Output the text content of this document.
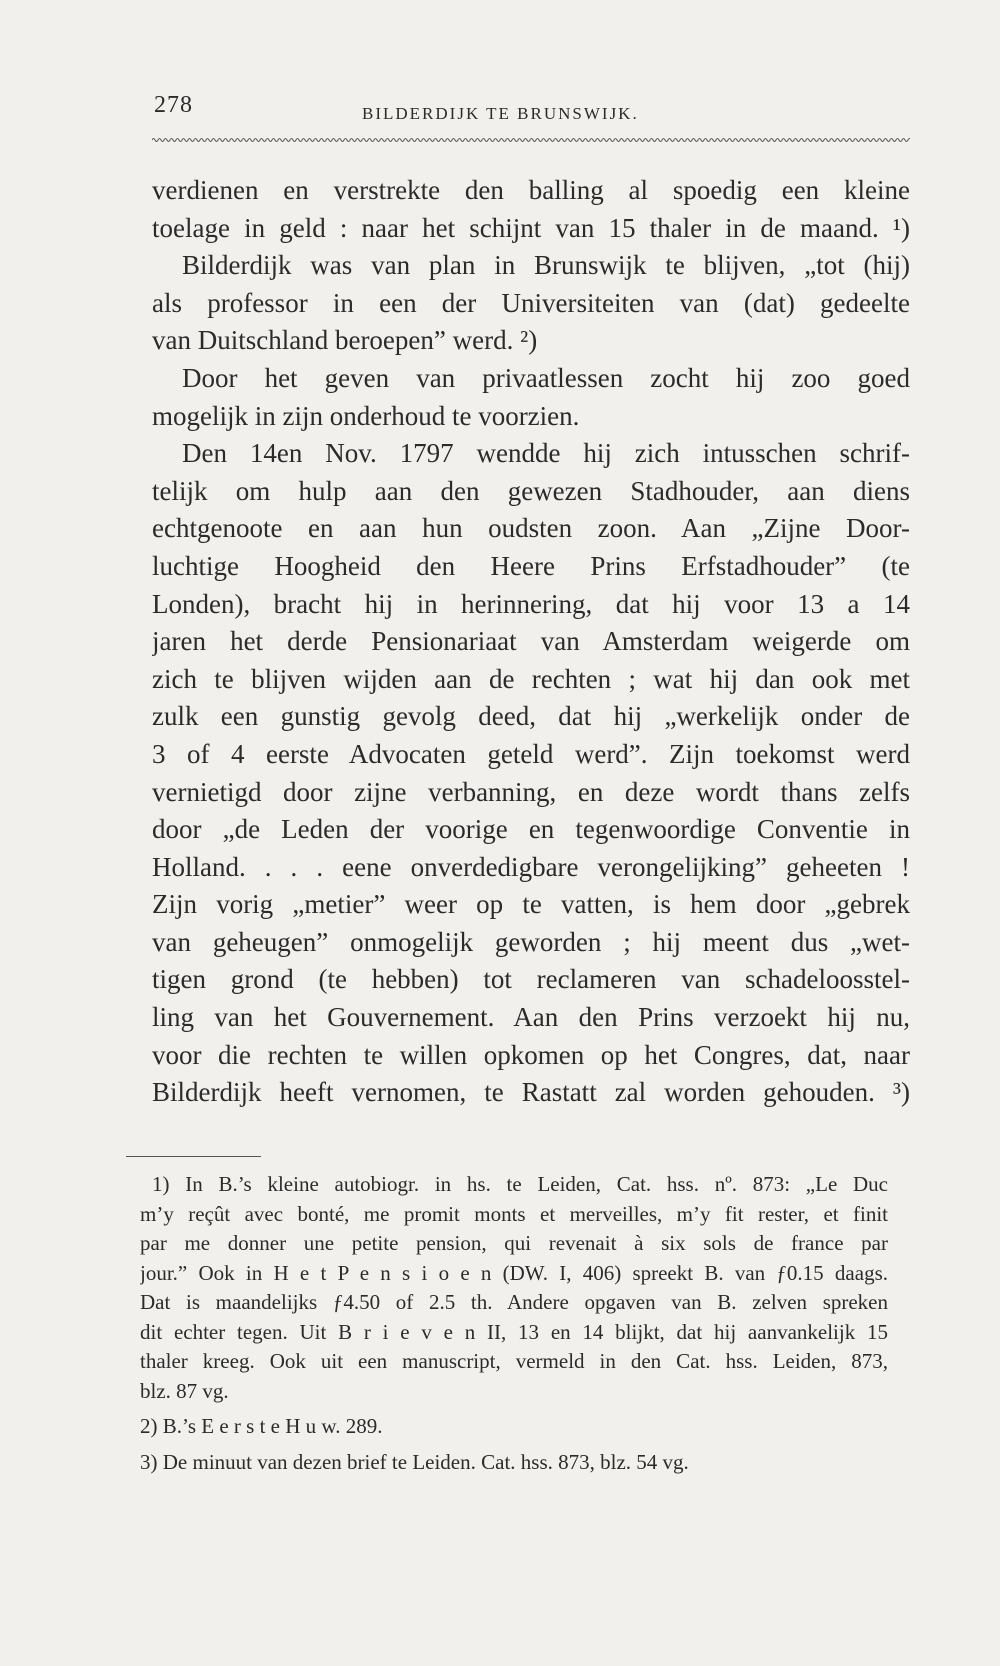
278	BILDERDIJK TE BRUNSWIJK.
verdienen en verstrekte den balling al spoedig een kleine
toelage in geld : naar het schijnt van 15 thaler in de maand. ¹)
Bilderdijk was van plan in Brunswijk te blijven, „tot (hij)
als professor in een der Universiteiten van (dat) gedeelte
van Duitschland beroepen” werd. ²)
Door het geven van privaatlessen zocht hij zoo goed
mogelijk in zijn onderhoud te voorzien.
Den 14en Nov. 1797 wendde hij zich intusschen schrif-
telijk om hulp aan den gewezen Stadhouder, aan diens
echtgenoote en aan hun oudsten zoon. Aan „Zijne Door-
luchtige Hoogheid den Heere Prins Erfstadhouder” (te
Londen), bracht hij in herinnering, dat hij voor 13 a 14
jaren het derde Pensionariaat van Amsterdam weigerde om
zich te blijven wijden aan de rechten ; wat hij dan ook met
zulk een gunstig gevolg deed, dat hij „werkelijk onder de
3 of 4 eerste Advocaten geteld werd”. Zijn toekomst werd
vernietigd door zijne verbanning, en deze wordt thans zelfs
door „de Leden der voorige en tegenwoordige Conventie in
Holland. . . . eene onverdedigbare verongelijking” geheeten !
Zijn vorig „metier” weer op te vatten, is hem door „gebrek
van geheugen” onmogelijk geworden ; hij meent dus „wet-
tigen grond (te hebben) tot reclameren van schadeloosstel-
ling van het Gouvernement. Aan den Prins verzoekt hij nu,
voor die rechten te willen opkomen op het Congres, dat, naar
Bilderdijk heeft vernomen, te Rastatt zal worden gehouden. ³)
1) In B.’s kleine autobiogr. in hs. te Leiden, Cat. hss. nº. 873: „Le Duc
m’y reçût avec bonté, me promit monts et merveilles, m’y fit rester, et finit
par me donner une petite pension, qui revenait à six sols de france par
jour.” Ook in H e t P e n s i o e n (DW. I, 406) spreekt B. van ƒ0.15 daags.
Dat is maandelijks ƒ4.50 of 2.5 th. Andere opgaven van B. zelven spreken
dit echter tegen. Uit B r i e v e n II, 13 en 14 blijkt, dat hij aanvankelijk 15
thaler kreeg. Ook uit een manuscript, vermeld in den Cat. hss. Leiden, 873,
blz. 87 vg.
2) B.’s E e r s t e H u w. 289.
3) De minuut van dezen brief te Leiden. Cat. hss. 873, blz. 54 vg.
